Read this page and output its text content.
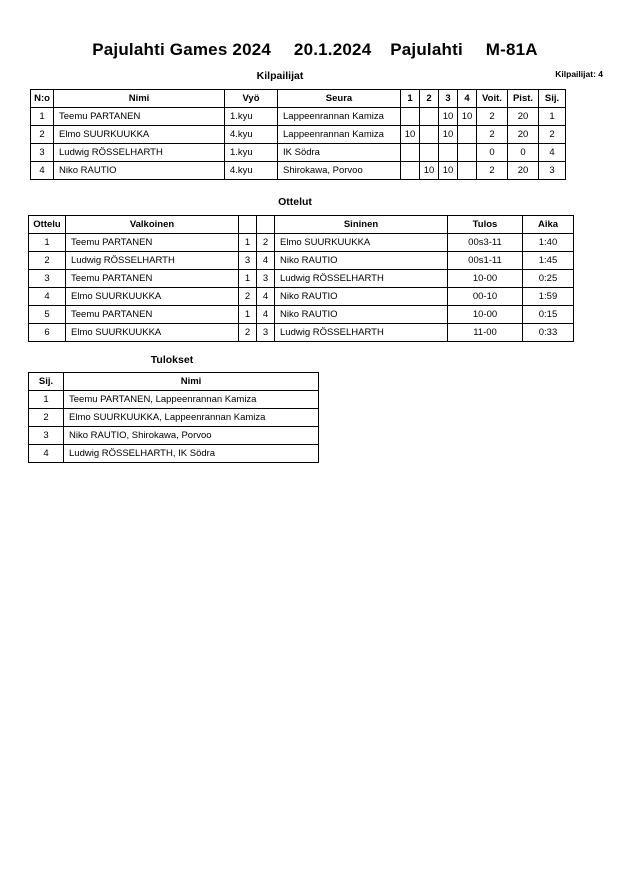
Pajulahti Games 2024 20.1.2024 Pajulahti M-81A
Kilpailijat	Kilpailijat: 4
N:o	Nimi	Vyö	Seura	1	2	3	4	Voit.	Pist.	Sij.
1	Teemu PARTANEN	1.kyu	Lappeenrannan Kamiza			10	10	2	20	1
2	Elmo SUURKUUKKA	4.kyu	Lappeenrannan Kamiza	10		10		2	20	2
3	Ludwig RÖSSELHARTH	1.kyu	IK Södra					0	0	4
4	Niko RAUTIO	4.kyu	Shirokawa, Porvoo		10	10		2	20	3
Ottelut
Ottelu	Valkoinen			Sininen	Tulos	Aika
1	Teemu PARTANEN	1	2	Elmo SUURKUUKKA	00s3-11	1:40
2	Ludwig RÖSSELHARTH	3	4	Niko RAUTIO	00s1-11	1:45
3	Teemu PARTANEN	1	3	Ludwig RÖSSELHARTH	10-00	0:25
4	Elmo SUURKUUKKA	2	4	Niko RAUTIO	00-10	1:59
5	Teemu PARTANEN	1	4	Niko RAUTIO	10-00	0:15
6	Elmo SUURKUUKKA	2	3	Ludwig RÖSSELHARTH	11-00	0:33
Tulokset
Sij.	Nimi
1	Teemu PARTANEN, Lappeenrannan Kamiza
2	Elmo SUURKUUKKA, Lappeenrannan Kamiza
3	Niko RAUTIO, Shirokawa, Porvoo
4	Ludwig RÖSSELHARTH, IK Södra
